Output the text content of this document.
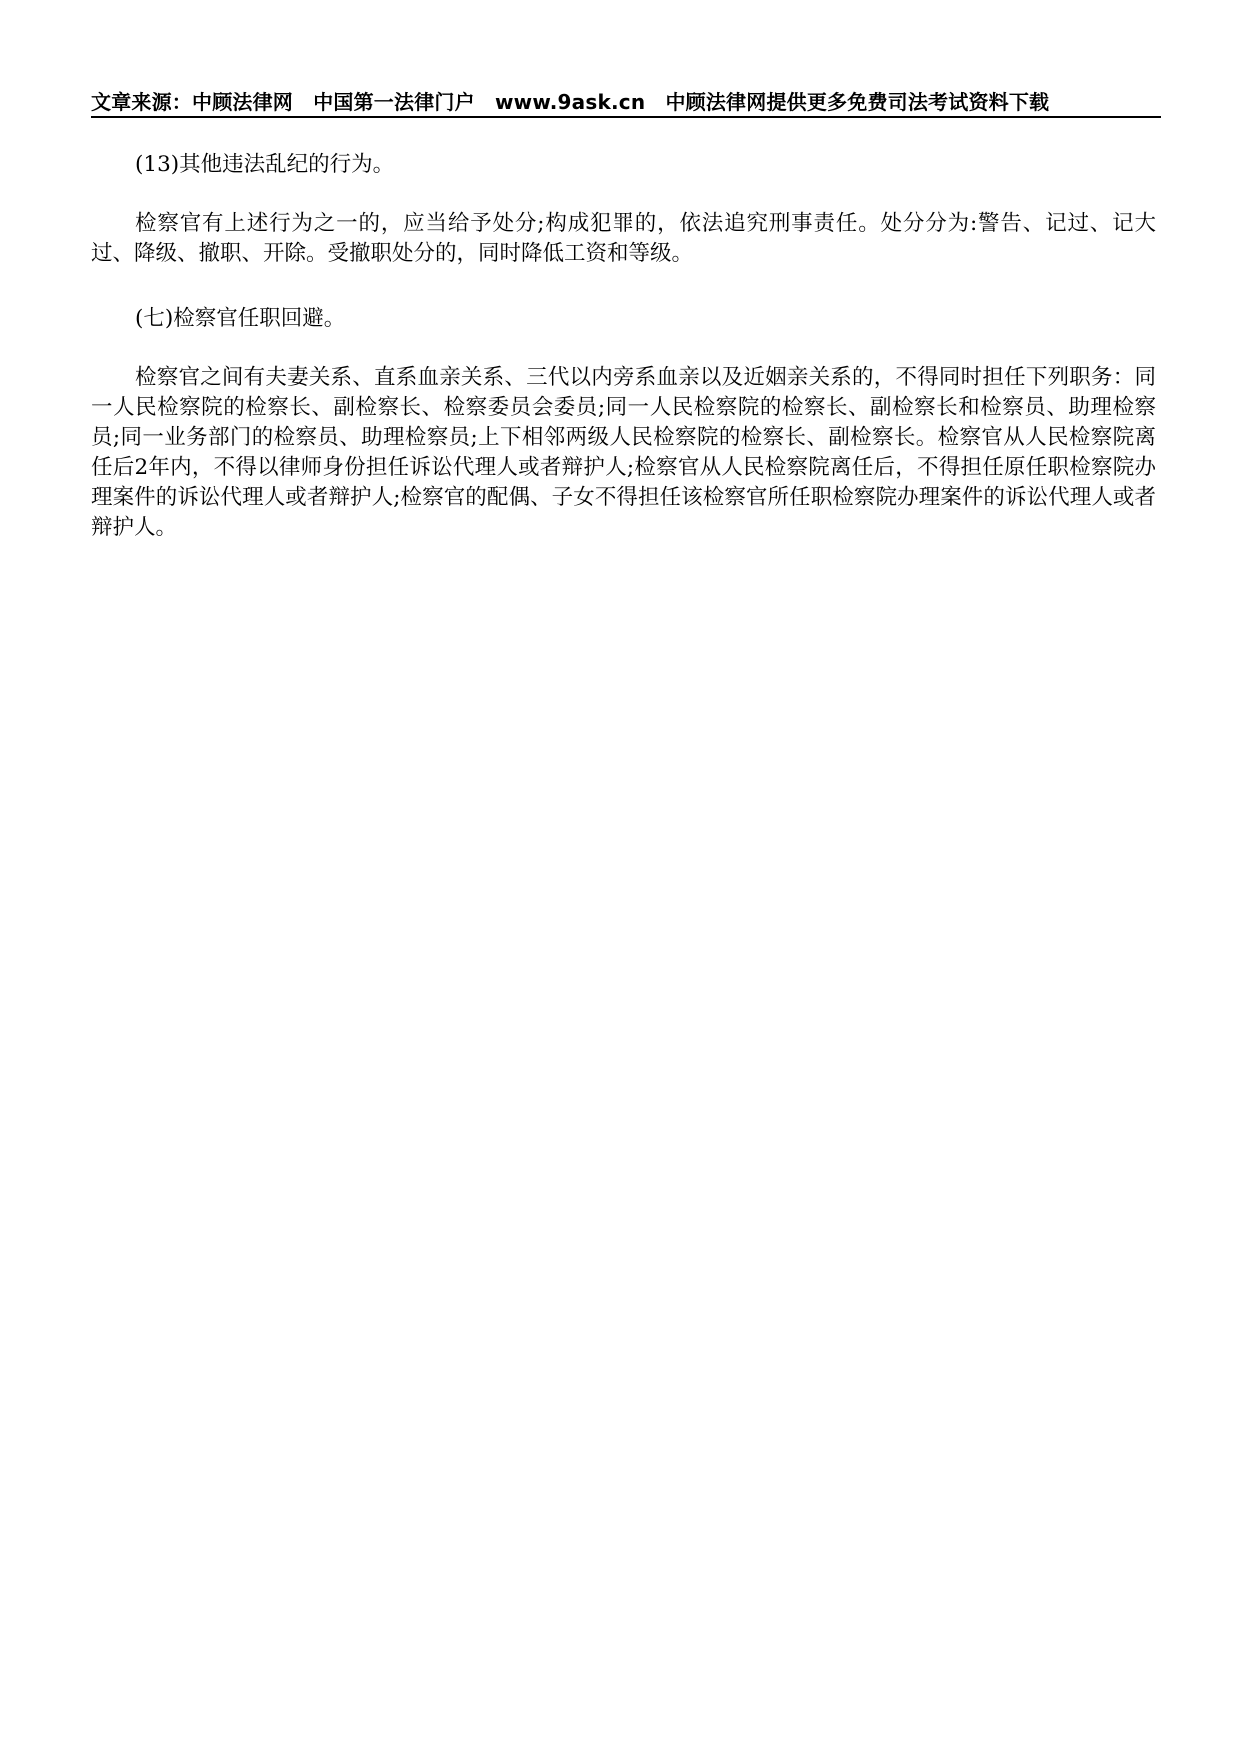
文章来源：中顾法律网　中国第一法律门户　www.9ask.cn　中顾法律网提供更多免费司法考试资料下载

(13)其他违法乱纪的行为。

检察官有上述行为之一的，应当给予处分;构成犯罪的，依法追究刑事责任。处分分为:警告、记过、记大过、降级、撤职、开除。受撤职处分的，同时降低工资和等级。

(七)检察官任职回避。

检察官之间有夫妻关系、直系血亲关系、三代以内旁系血亲以及近姻亲关系的，不得同时担任下列职务：同一人民检察院的检察长、副检察长、检察委员会委员;同一人民检察院的检察长、副检察长和检察员、助理检察员;同一业务部门的检察员、助理检察员;上下相邻两级人民检察院的检察长、副检察长。检察官从人民检察院离任后2年内，不得以律师身份担任诉讼代理人或者辩护人;检察官从人民检察院离任后，不得担任原任职检察院办理案件的诉讼代理人或者辩护人;检察官的配偶、子女不得担任该检察官所任职检察院办理案件的诉讼代理人或者辩护人。
